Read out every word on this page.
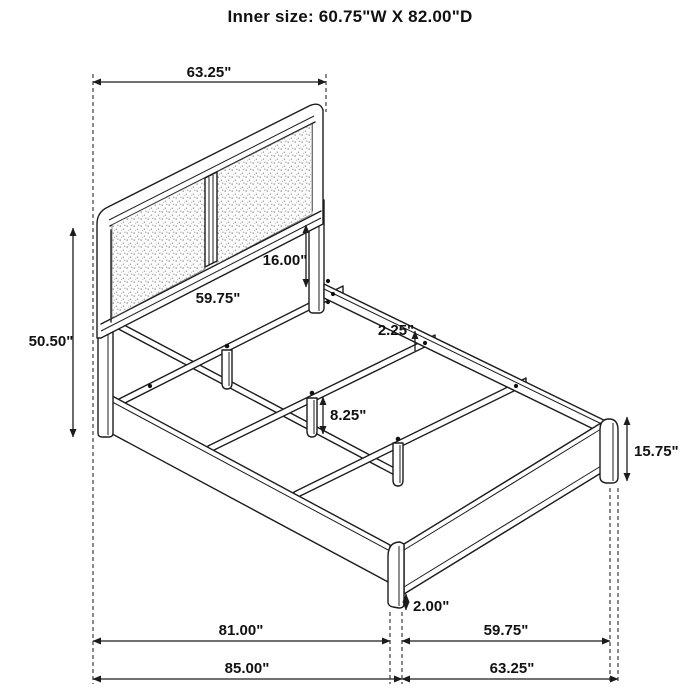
63.25"
50.50"
16.00"
59.75"
2.25"
8.25"
15.75"
2.00"
81.00"	59.75"
85.00"	63.25"
Inner size: 60.75"W X 82.00"D
